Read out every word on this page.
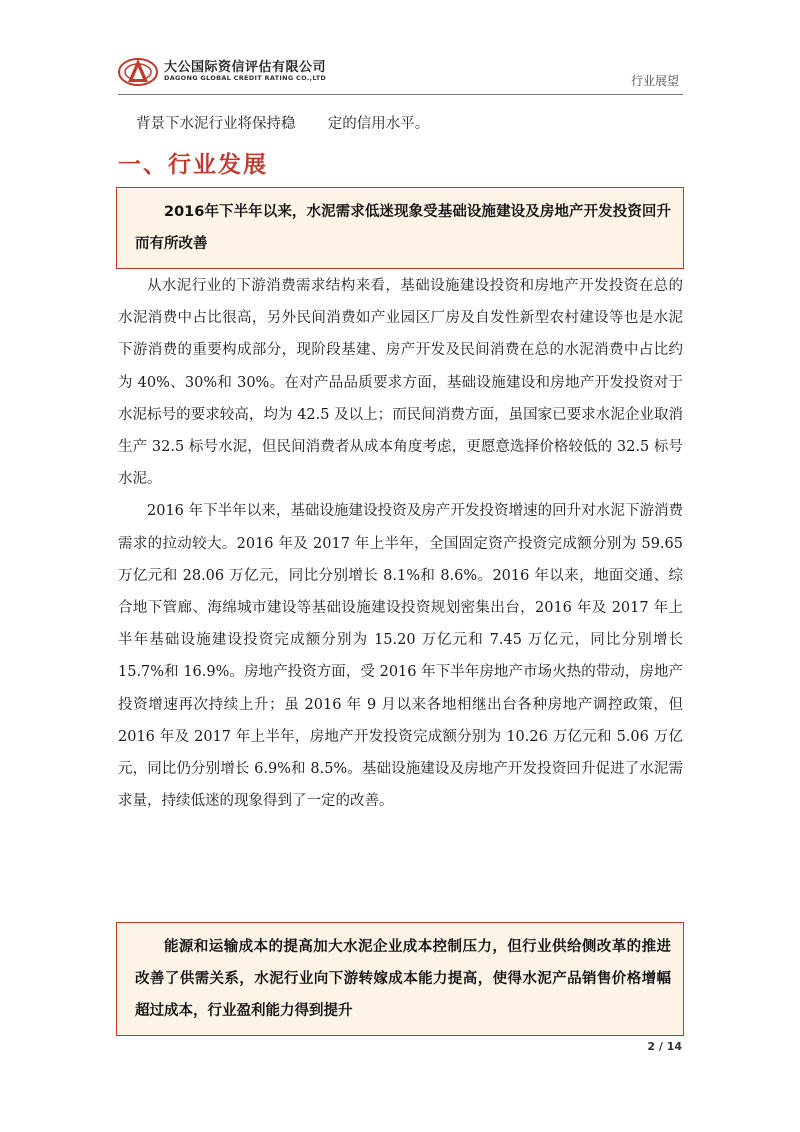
大公国际资信评估有限公司
DAGONG GLOBAL CREDIT RATING CO.,LTD	行业展望
背景下水泥行业将保持稳       定的信用水平。
一、行业发展

2016年下半年以来，水泥需求低迷现象受基础设施建设及房地产开发投资回升而有所改善

从水泥行业的下游消费需求结构来看，基础设施建设投资和房地产开发投资在总的水泥消费中占比很高，另外民间消费如产业园区厂房及自发性新型农村建设等也是水泥下游消费的重要构成部分，现阶段基建、房产开发及民间消费在总的水泥消费中占比约为 40%、30%和 30%。在对产品品质要求方面，基础设施建设和房地产开发投资对于水泥标号的要求较高，均为 42.5 及以上；而民间消费方面，虽国家已要求水泥企业取消生产 32.5 标号水泥，但民间消费者从成本角度考虑，更愿意选择价格较低的 32.5 标号水泥。

2016 年下半年以来，基础设施建设投资及房产开发投资增速的回升对水泥下游消费需求的拉动较大。2016 年及 2017 年上半年，全国固定资产投资完成额分别为 59.65 万亿元和 28.06 万亿元，同比分别增长 8.1%和 8.6%。2016 年以来，地面交通、综合地下管廊、海绵城市建设等基础设施建设投资规划密集出台，2016 年及 2017 年上半年基础设施建设投资完成额分别为 15.20 万亿元和 7.45 万亿元，同比分别增长 15.7%和 16.9%。房地产投资方面，受 2016 年下半年房地产市场火热的带动，房地产投资增速再次持续上升；虽 2016 年 9 月以来各地相继出台各种房地产调控政策，但 2016 年及 2017 年上半年，房地产开发投资完成额分别为 10.26 万亿元和 5.06 万亿元，同比仍分别增长 6.9%和 8.5%。基础设施建设及房地产开发投资回升促进了水泥需求量，持续低迷的现象得到了一定的改善。

能源和运输成本的提高加大水泥企业成本控制压力，但行业供给侧改革的推进改善了供需关系，水泥行业向下游转嫁成本能力提高，使得水泥产品销售价格增幅超过成本，行业盈利能力得到提升

2 / 14
